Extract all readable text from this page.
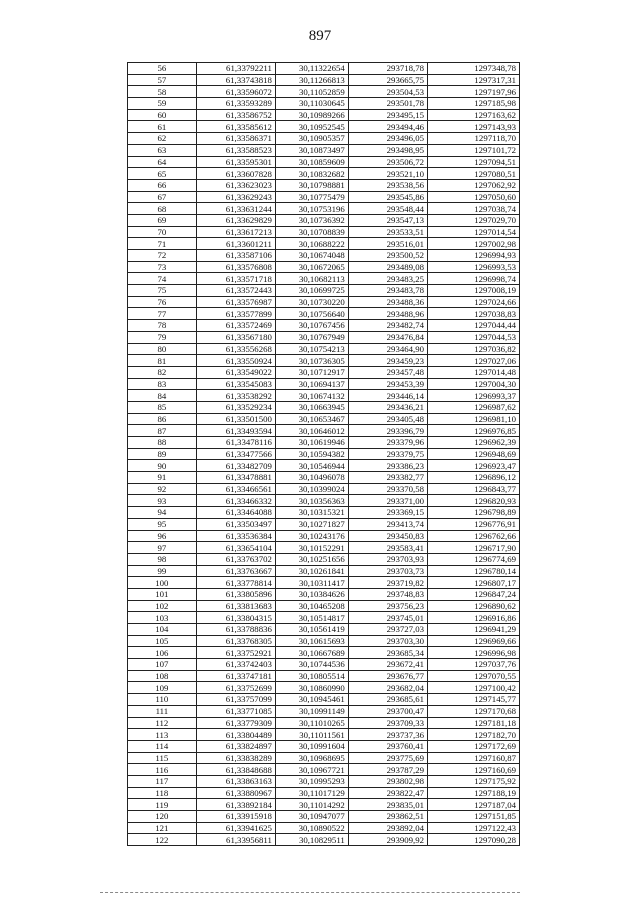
897
56	61,33792211	30,11322654	293718,78	1297348,78
57	61,33743818	30,11266813	293665,75	1297317,31
58	61,33596072	30,11052859	293504,53	1297197,96
59	61,33593289	30,11030645	293501,78	1297185,98
60	61,33586752	30,10989266	293495,15	1297163,62
61	61,33585612	30,10952545	293494,46	1297143,93
62	61,33586371	30,10905357	293496,05	1297118,70
63	61,33588523	30,10873497	293498,95	1297101,72
64	61,33595301	30,10859609	293506,72	1297094,51
65	61,33607828	30,10832682	293521,10	1297080,51
66	61,33623023	30,10798881	293538,56	1297062,92
67	61,33629243	30,10775479	293545,86	1297050,60
68	61,33631244	30,10753196	293548,44	1297038,74
69	61,33629829	30,10736392	293547,13	1297029,70
70	61,33617213	30,10708839	293533,51	1297014,54
71	61,33601211	30,10688222	293516,01	1297002,98
72	61,33587106	30,10674048	293500,52	1296994,93
73	61,33576808	30,10672065	293489,08	1296993,53
74	61,33571718	30,10682113	293483,25	1296998,74
75	61,33572443	30,10699725	293483,78	1297008,19
76	61,33576987	30,10730220	293488,36	1297024,66
77	61,33577899	30,10756640	293488,96	1297038,83
78	61,33572469	30,10767456	293482,74	1297044,44
79	61,33567180	30,10767949	293476,84	1297044,53
80	61,33556268	30,10754213	293464,90	1297036,82
81	61,33550924	30,10736305	293459,23	1297027,06
82	61,33549022	30,10712917	293457,48	1297014,48
83	61,33545083	30,10694137	293453,39	1297004,30
84	61,33538292	30,10674132	293446,14	1296993,37
85	61,33529234	30,10663945	293436,21	1296987,62
86	61,33501500	30,10653467	293405,48	1296981,10
87	61,33493594	30,10646012	293396,79	1296976,85
88	61,33478116	30,10619946	293379,96	1296962,39
89	61,33477566	30,10594382	293379,75	1296948,69
90	61,33482709	30,10546944	293386,23	1296923,47
91	61,33478881	30,10496078	293382,77	1296896,12
92	61,33466561	30,10399024	293370,58	1296843,77
93	61,33466332	30,10356363	293371,00	1296820,93
94	61,33464088	30,10315321	293369,15	1296798,89
95	61,33503497	30,10271827	293413,74	1296776,91
96	61,33536384	30,10243176	293450,83	1296762,66
97	61,33654104	30,10152291	293583,41	1296717,90
98	61,33763702	30,10251656	293703,93	1296774,69
99	61,33763667	30,10261841	293703,73	1296780,14
100	61,33778814	30,10311417	293719,82	1296807,17
101	61,33805896	30,10384626	293748,83	1296847,24
102	61,33813683	30,10465208	293756,23	1296890,62
103	61,33804315	30,10514817	293745,01	1296916,86
104	61,33788836	30,10561419	293727,03	1296941,29
105	61,33768305	30,10615693	293703,30	1296969,66
106	61,33752921	30,10667689	293685,34	1296996,98
107	61,33742403	30,10744536	293672,41	1297037,76
108	61,33747181	30,10805514	293676,77	1297070,55
109	61,33752699	30,10860990	293682,04	1297100,42
110	61,33757099	30,10945461	293685,61	1297145,77
111	61,33771085	30,10991149	293700,47	1297170,68
112	61,33779309	30,11010265	293709,33	1297181,18
113	61,33804489	30,11011561	293737,36	1297182,70
114	61,33824897	30,10991604	293760,41	1297172,69
115	61,33838289	30,10968695	293775,69	1297160,87
116	61,33848688	30,10967721	293787,29	1297160,69
117	61,33863163	30,10995293	293802,98	1297175,92
118	61,33880967	30,11017129	293822,47	1297188,19
119	61,33892184	30,11014292	293835,01	1297187,04
120	61,33915918	30,10947077	293862,51	1297151,85
121	61,33941625	30,10890522	293892,04	1297122,43
122	61,33956811	30,10829511	293909,92	1297090,28
